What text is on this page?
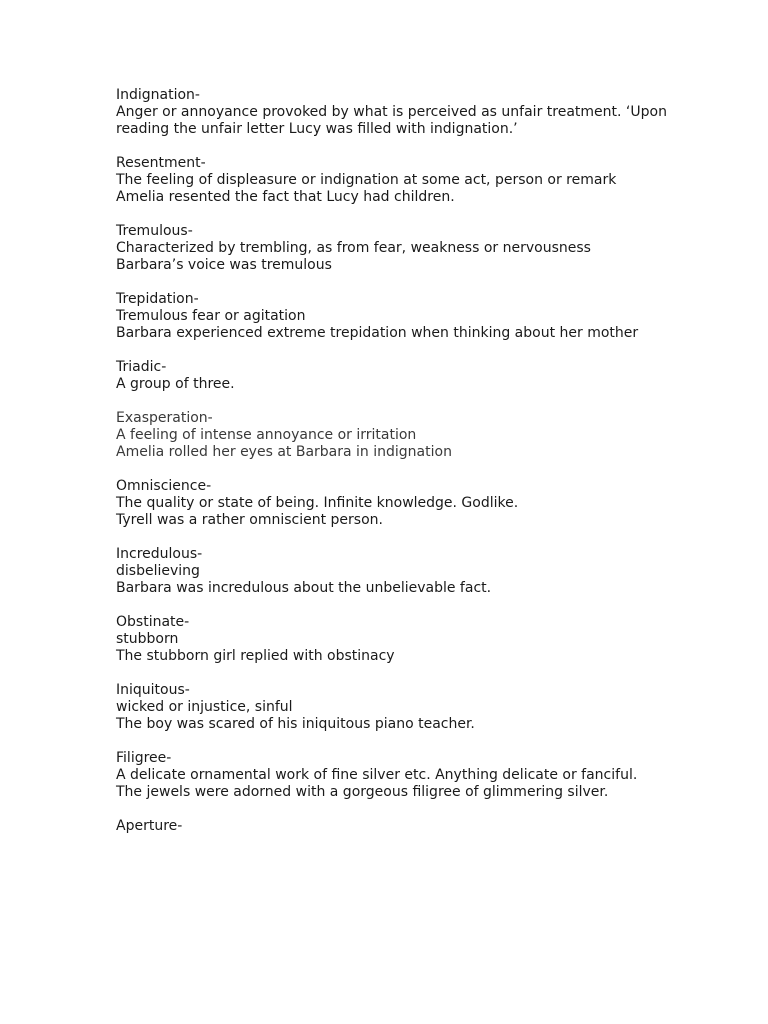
Indignation-
Anger or annoyance provoked by what is perceived as unfair treatment. ‘Upon reading the unfair letter Lucy was filled with indignation.’
Resentment-
The feeling of displeasure or indignation at some act, person or remark
Amelia resented the fact that Lucy had children.
Tremulous-
Characterized by trembling, as from fear, weakness or nervousness
Barbara’s voice was tremulous
Trepidation-
Tremulous fear or agitation
Barbara experienced extreme trepidation when thinking about her mother
Triadic-
A group of three.
Exasperation-
A feeling of intense annoyance or irritation
Amelia rolled her eyes at Barbara in indignation
Omniscience-
The quality or state of being. Infinite knowledge. Godlike.
Tyrell was a rather omniscient person.
Incredulous-
disbelieving
Barbara was incredulous about the unbelievable fact.
Obstinate-
stubborn
The stubborn girl replied with obstinacy
Iniquitous-
wicked or injustice, sinful
The boy was scared of his iniquitous piano teacher.
Filigree-
A delicate ornamental work of fine silver etc. Anything delicate or fanciful.
The jewels were adorned with a gorgeous filigree of glimmering silver.
Aperture-
